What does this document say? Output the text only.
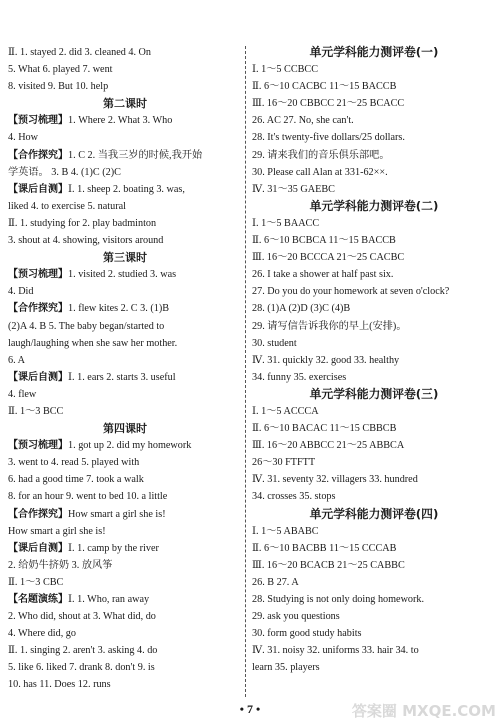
Ⅱ. 1. stayed 2. did 3. cleaned 4. On
5. What 6. played 7. went
8. visited 9. But 10. help
第二课时
【预习梳理】1. Where 2. What 3. Who
4. How
【合作探究】1. C 2. 当我三岁的时候,我开始
学英语。 3. B 4. (1)C (2)C
【课后自测】Ⅰ. 1. sheep 2. boating 3. was,
liked 4. to exercise 5. natural
Ⅱ. 1. studying for 2. play badminton
3. shout at 4. showing, visitors around
第三课时
【预习梳理】1. visited 2. studied 3. was
4. Did
【合作探究】1. flew kites 2. C 3. (1)B
(2)A 4. B 5. The baby began/started to
laugh/laughing when she saw her mother.
6. A
【课后自测】Ⅰ. 1. ears 2. starts 3. useful
4. flew
Ⅱ. 1～3 BCC
第四课时
【预习梳理】1. got up 2. did my homework
3. went to 4. read 5. played with
6. had a good time 7. took a walk
8. for an hour 9. went to bed 10. a little
【合作探究】How smart a girl she is!
How smart a girl she is!
【课后自测】Ⅰ. 1. camp by the river
2. 给奶牛挤奶 3. 放风筝
Ⅱ. 1～3 CBC
【名题演练】Ⅰ. 1. Who, ran away
2. Who did, shout at 3. What did, do
4. Where did, go
Ⅱ. 1. singing 2. aren't 3. asking 4. do
5. like 6. liked 7. drank 8. don't 9. is
10. has 11. Does 12. runs
单元学科能力测评卷(一)
Ⅰ. 1～5 CCBCC
Ⅱ. 6～10 CACBC 11～15 BACCB
Ⅲ. 16～20 CBBCC 21～25 BCACC
26. AC 27. No, she can't.
28. It's twenty-five dollars/25 dollars.
29. 请来我们的音乐俱乐部吧。
30. Please call Alan at 331-62××.
Ⅳ. 31～35 GAEBC
单元学科能力测评卷(二)
Ⅰ. 1～5 BAACC
Ⅱ. 6～10 BCBCA 11～15 BACCB
Ⅲ. 16～20 BCCCA 21～25 CACBC
26. I take a shower at half past six.
27. Do you do your homework at seven o'clock?
28. (1)A (2)D (3)C (4)B
29. 请写信告诉我你的早上(安排)。
30. student
Ⅳ. 31. quickly 32. good 33. healthy
34. funny 35. exercises
单元学科能力测评卷(三)
Ⅰ. 1～5 ACCCA
Ⅱ. 6～10 BACAC 11～15 CBBCB
Ⅲ. 16～20 ABBCC 21～25 ABBCA
26～30 FTFTT
Ⅳ. 31. seventy 32. villagers 33. hundred
34. crosses 35. stops
单元学科能力测评卷(四)
Ⅰ. 1～5 ABABC
Ⅱ. 6～10 BACBB 11～15 CCCAB
Ⅲ. 16～20 BCACB 21～25 CABBC
26. B 27. A
28. Studying is not only doing homework.
29. ask you questions
30. form good study habits
Ⅳ. 31. noisy 32. uniforms 33. hair 34. to
learn 35. players
• 7 •	答案圈 MXQE.COM
